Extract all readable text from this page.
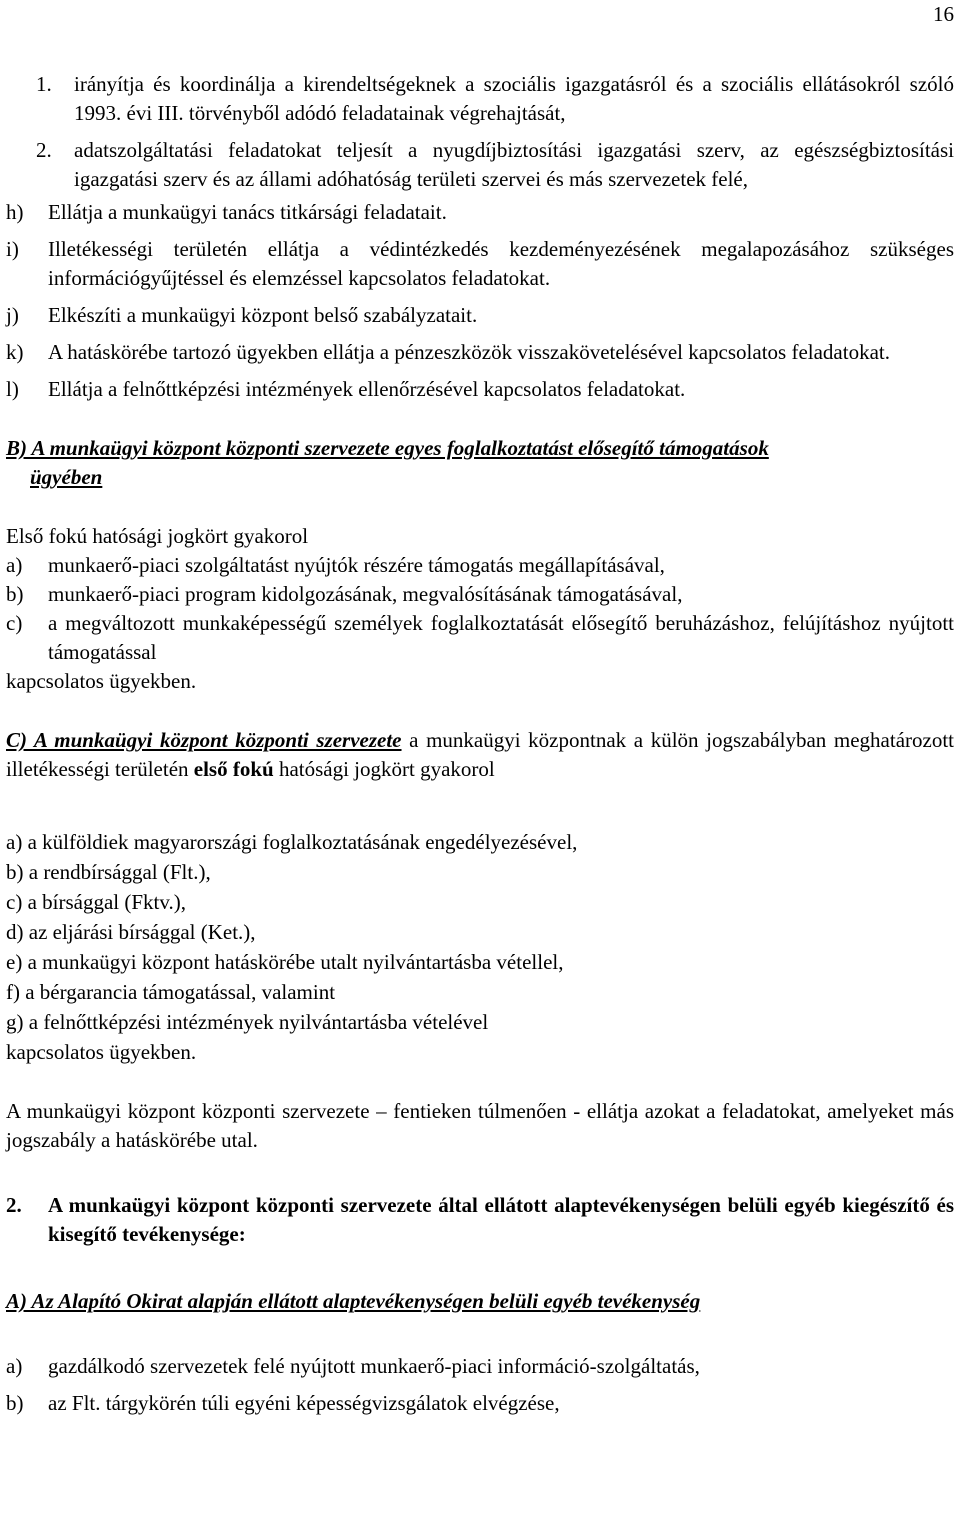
16
1. irányítja és koordinálja a kirendeltségeknek a szociális igazgatásról és a szociális ellátásokról szóló 1993. évi III. törvényből adódó feladatainak végrehajtását,
2. adatszolgáltatási feladatokat teljesít a nyugdíjbiztosítási igazgatási szerv, az egészségbiztosítási igazgatási szerv és az állami adóhatóság területi szervei és más szervezetek felé,
h) Ellátja a munkaügyi tanács titkársági feladatait.
i) Illetékességi területén ellátja a védintézkedés kezdeményezésének megalapozásához szükséges információgyűjtéssel és elemzéssel kapcsolatos feladatokat.
j) Elkészíti a munkaügyi központ belső szabályzatait.
k) A hatáskörébe tartozó ügyekben ellátja a pénzeszközök visszakövetelésével kapcsolatos feladatokat.
l) Ellátja a felnőttképzési intézmények ellenőrzésével kapcsolatos feladatokat.
B) A munkaügyi központ központi szervezete egyes foglalkoztatást elősegítő támogatások
ügyében
Első fokú hatósági jogkört gyakorol
a) munkaerő-piaci szolgáltatást nyújtók részére támogatás megállapításával,
b) munkaerő-piaci program kidolgozásának, megvalósításának támogatásával,
c) a megváltozott munkaképességű személyek foglalkoztatását elősegítő beruházáshoz, felújításhoz nyújtott támogatással
kapcsolatos ügyekben.
C) A munkaügyi központ központi szervezete a munkaügyi központnak a külön jogszabályban meghatározott illetékességi területén első fokú hatósági jogkört gyakorol
a) a külföldiek magyarországi foglalkoztatásának engedélyezésével,
b) a rendbírsággal (Flt.),
c) a bírsággal (Fktv.),
d) az eljárási bírsággal (Ket.),
e) a munkaügyi központ hatáskörébe utalt nyilvántartásba vétellel,
f) a bérgarancia támogatással, valamint
g) a felnőttképzési intézmények nyilvántartásba vételével
kapcsolatos ügyekben.
A munkaügyi központ központi szervezete – fentieken túlmenően - ellátja azokat a feladatokat, amelyeket más jogszabály a hatáskörébe utal.
2. A munkaügyi központ központi szervezete által ellátott alaptevékenységen belüli egyéb kiegészítő és kisegítő tevékenysége:
A) Az Alapító Okirat alapján ellátott alaptevékenységen belüli egyéb tevékenység
a) gazdálkodó szervezetek felé nyújtott munkaerő-piaci információ-szolgáltatás,
b) az Flt. tárgykörén túli egyéni képességvizsgálatok elvégzése,
